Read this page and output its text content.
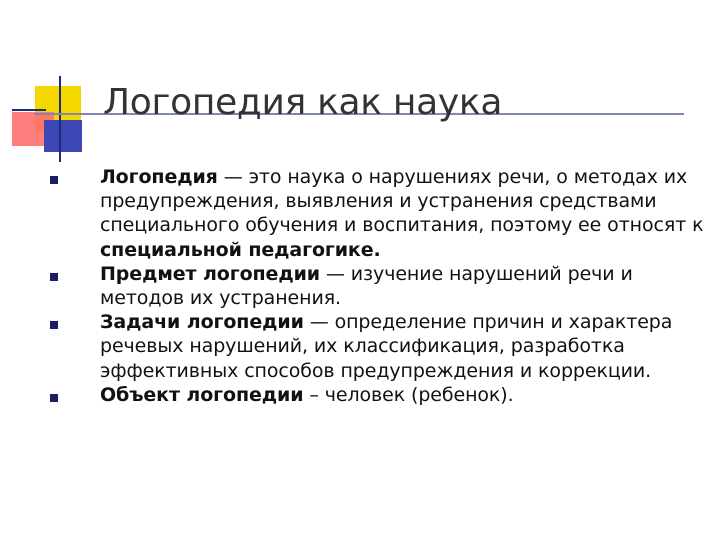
Логопедия как наука
Логопедия — это наука о нарушениях речи, о методах их предупреждения, выявления и устранения средствами специального обучения и воспитания, поэтому ее относят к специальной педагогике.
Предмет логопедии — изучение нарушений речи и методов их устранения.
Задачи логопедии — определение причин и характера речевых нарушений, их классификация, разработка эффективных способов предупреждения и коррекции.
Объект логопедии – человек (ребенок).
